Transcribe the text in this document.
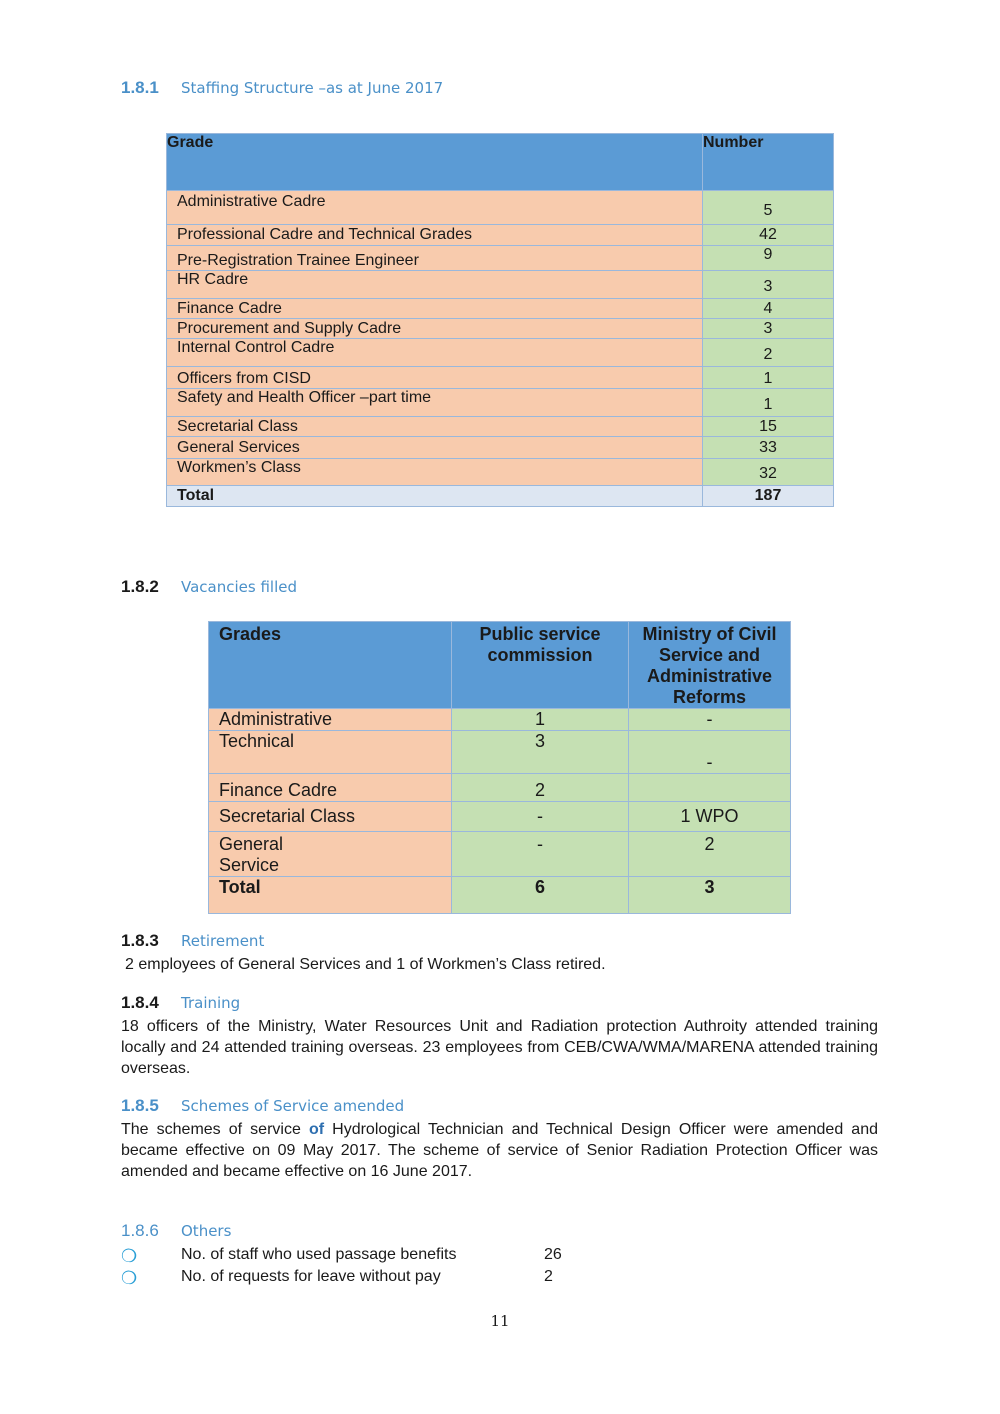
1.8.1 Staffing Structure –as at June 2017
Grade	Number
Administrative Cadre	5
Professional Cadre and Technical Grades	42
Pre-Registration Trainee Engineer	9
HR Cadre	3
Finance Cadre	4
Procurement and Supply Cadre	3
Internal Control Cadre	2
Officers from CISD	1
Safety and Health Officer –part time	1
Secretarial Class	15
General Services	33
Workmen’s Class	32
Total	187
1.8.2 Vacancies filled
Grades	Public service commission	Ministry of Civil Service and Administrative Reforms
Administrative	1	-
Technical	3	-
Finance Cadre	2	
Secretarial Class	-	1 WPO
General Service	-	2
Total	6	3
1.8.3 Retirement
2 employees of General Services and 1 of Workmen’s Class retired.
1.8.4 Training
18 officers of the Ministry, Water Resources Unit and Radiation protection Authroity attended training locally and 24 attended training overseas. 23 employees from CEB/CWA/WMA/MARENA attended training overseas.
1.8.5 Schemes of Service amended
The schemes of service of Hydrological Technician and Technical Design Officer were amended and became effective on 09 May 2017. The scheme of service of Senior Radiation Protection Officer was amended and became effective on 16 June 2017.
1.8.6 Others
❍	No. of staff who used passage benefits	26
❍	No. of requests for leave without pay	2
11
